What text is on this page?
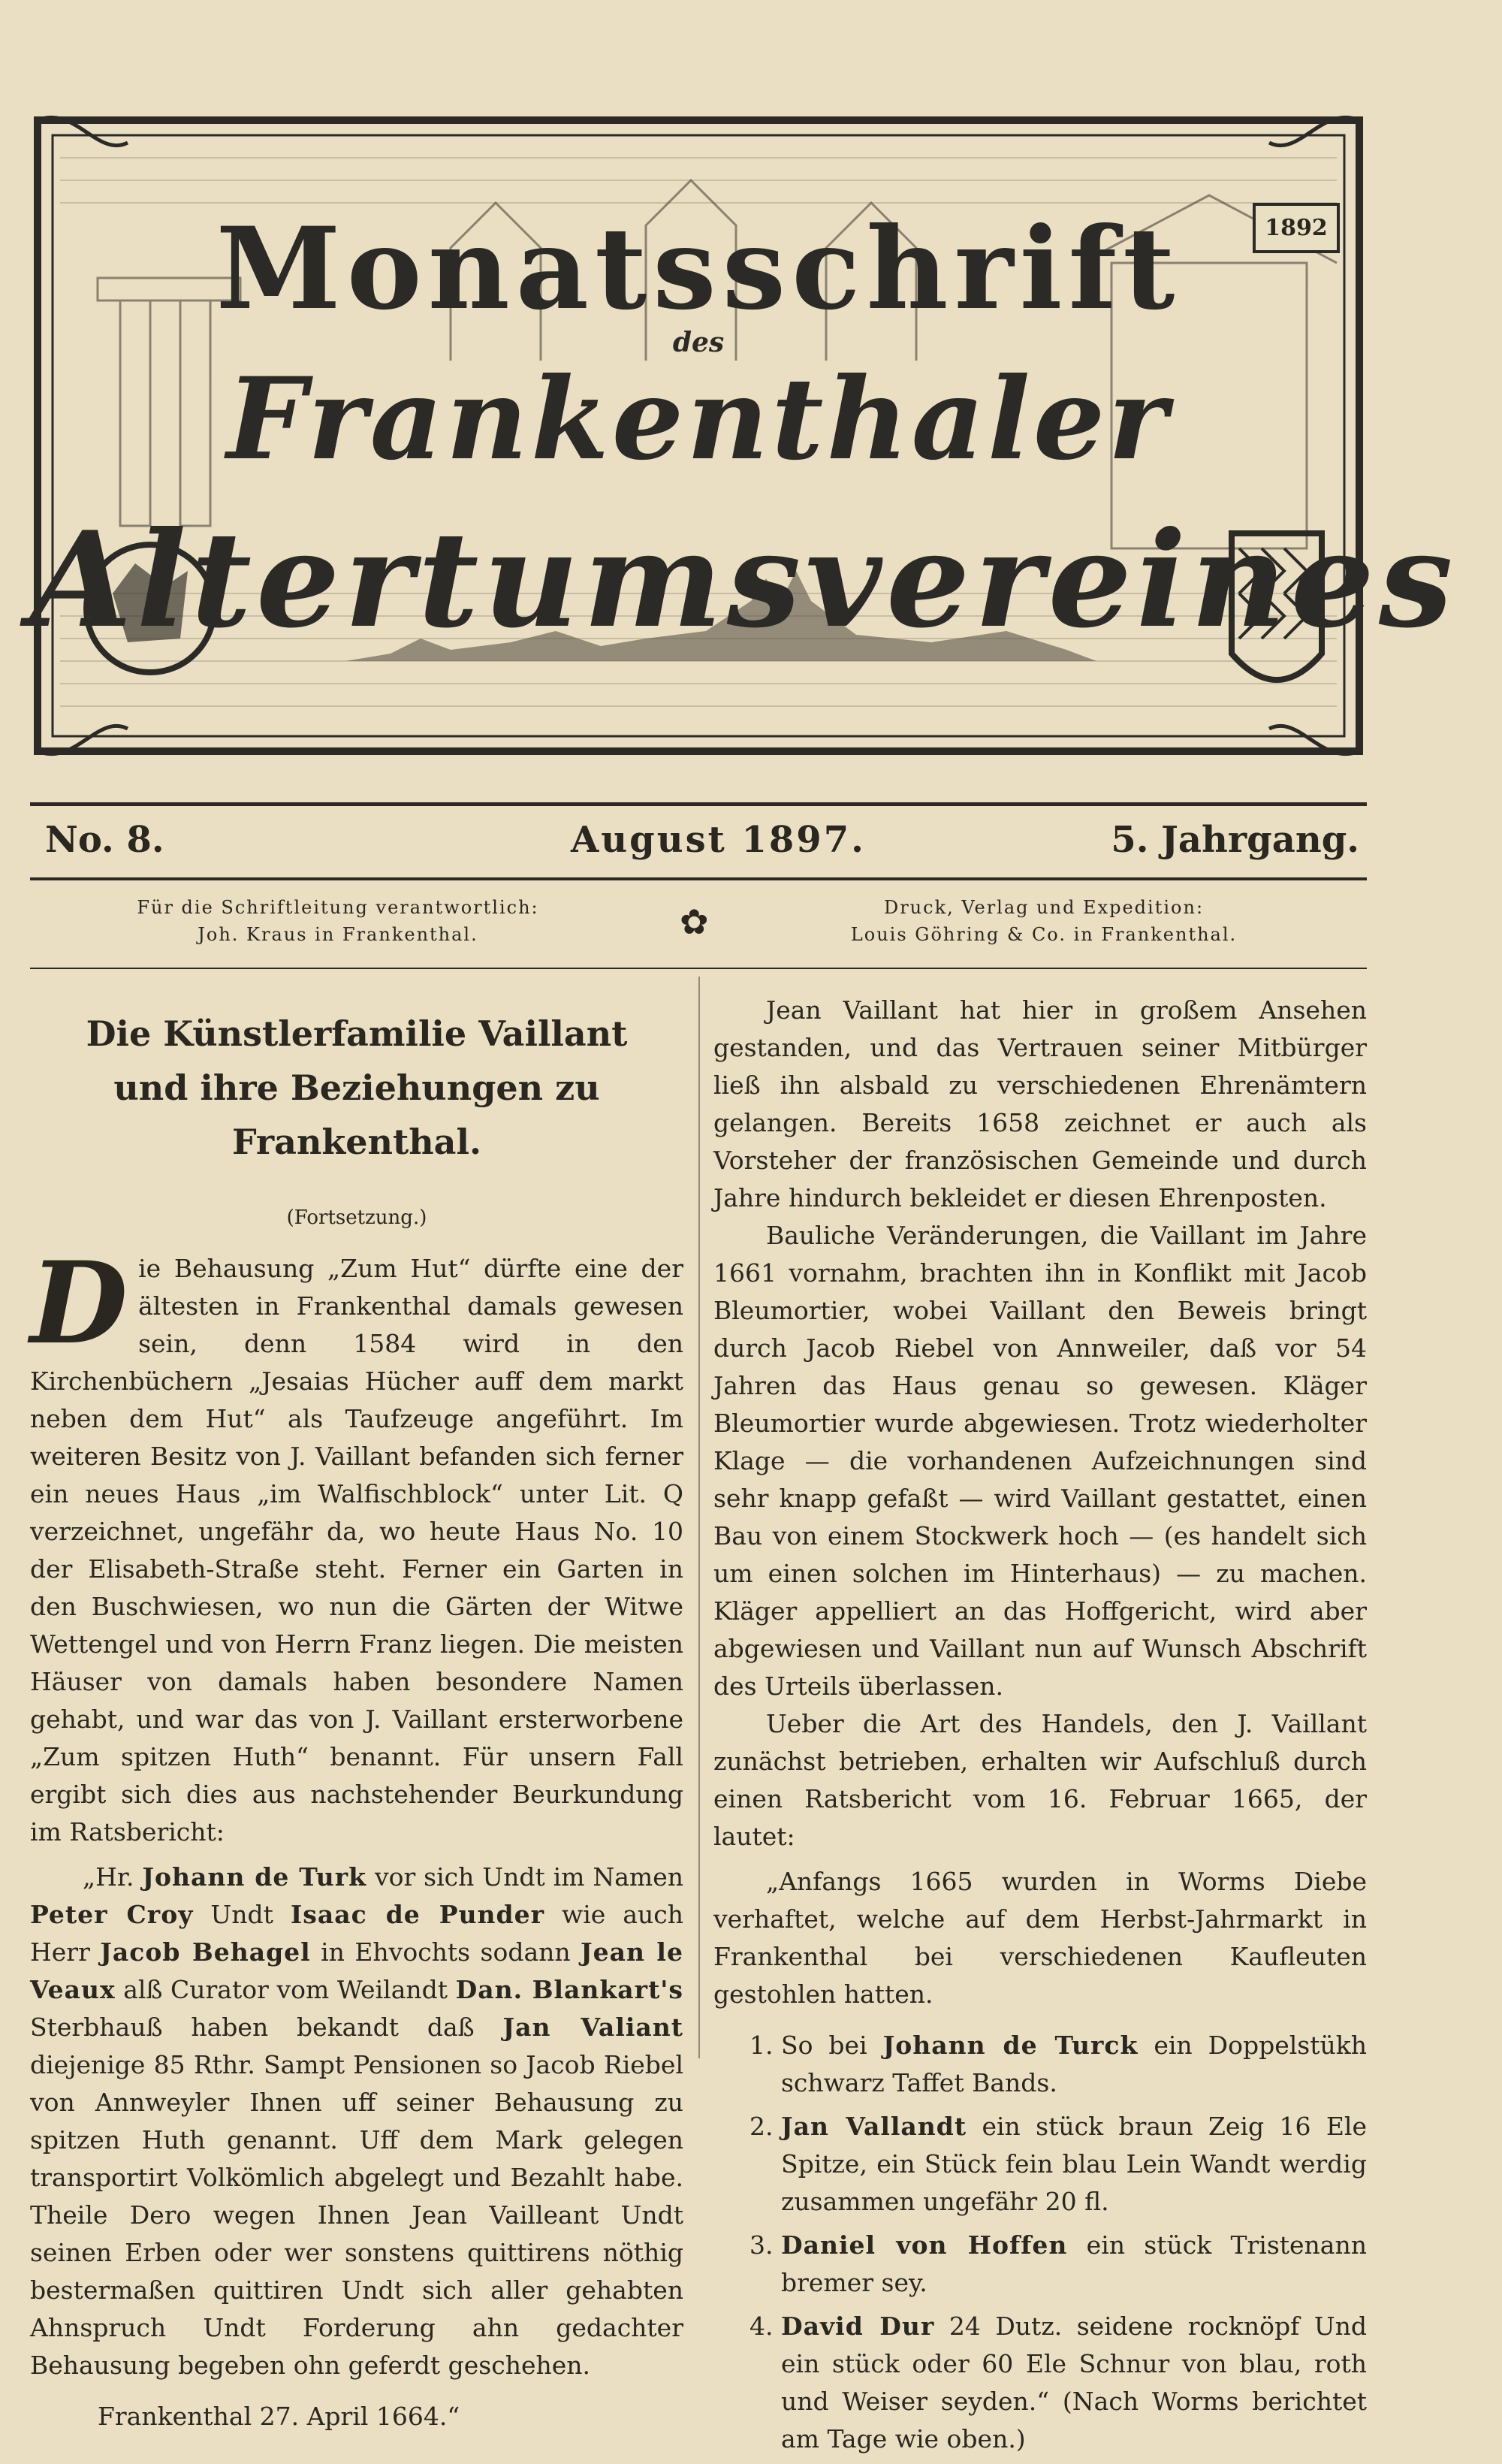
Monatsschrift
des
Frankenthaler
Altertumsvereines
1892
No. 8.	August 1897.	5. Jahrgang.
Für die Schriftleitung verantwortlich:
Joh. Kraus in Frankenthal.	✿	Druck, Verlag und Expedition:
Louis Göhring & Co. in Frankenthal.

Die Künstlerfamilie Vaillant
und ihre Beziehungen zu Frankenthal.

(Fortsetzung.)

Die Behausung „Zum Hut“ dürfte eine der ältesten in Frankenthal damals gewesen sein, denn 1584 wird in den Kirchenbüchern „Jesaias Hücher auff dem markt neben dem Hut“ als Taufzeuge angeführt. Im weiteren Besitz von J. Vaillant befanden sich ferner ein neues Haus „im Walfischblock“ unter Lit. Q verzeichnet, ungefähr da, wo heute Haus No. 10 der Elisabeth-Straße steht. Ferner ein Garten in den Buschwiesen, wo nun die Gärten der Witwe Wettengel und von Herrn Franz liegen. Die meisten Häuser von damals haben besondere Namen gehabt, und war das von J. Vaillant ersterworbene „Zum spitzen Huth“ benannt. Für unsern Fall ergibt sich dies aus nachstehender Beurkundung im Ratsbericht:

„Hr. Johann de Turk vor sich Undt im Namen Peter Croy Undt Isaac de Punder wie auch Herr Jacob Behagel in Ehvochts sodann Jean le Veaux alß Curator vom Weilandt Dan. Blankart's Sterbhauß haben bekandt daß Jan Valiant diejenige 85 Rthr. Sampt Pensionen so Jacob Riebel von Annweyler Ihnen uff seiner Behausung zu spitzen Huth genannt. Uff dem Mark gelegen transportirt Volkömlich abgelegt und Bezahlt habe. Theile Dero wegen Ihnen Jean Vailleant Undt seinen Erben oder wer sonstens quittirens nöthig bestermaßen quittiren Undt sich aller gehabten Ahnspruch Undt Forderung ahn gedachter Behausung begeben ohn geferdt geschehen.

Frankenthal 27. April 1664.“

Jean Vaillant hat hier in großem Ansehen gestanden, und das Vertrauen seiner Mitbürger ließ ihn alsbald zu verschiedenen Ehrenämtern gelangen. Bereits 1658 zeichnet er auch als Vorsteher der französischen Gemeinde und durch Jahre hindurch bekleidet er diesen Ehrenposten.

Bauliche Veränderungen, die Vaillant im Jahre 1661 vornahm, brachten ihn in Konflikt mit Jacob Bleumortier, wobei Vaillant den Beweis bringt durch Jacob Riebel von Annweiler, daß vor 54 Jahren das Haus genau so gewesen. Kläger Bleumortier wurde abgewiesen. Trotz wiederholter Klage — die vorhandenen Aufzeichnungen sind sehr knapp gefaßt — wird Vaillant gestattet, einen Bau von einem Stockwerk hoch — (es handelt sich um einen solchen im Hinterhaus) — zu machen. Kläger appelliert an das Hoffgericht, wird aber abgewiesen und Vaillant nun auf Wunsch Abschrift des Urteils überlassen.

Ueber die Art des Handels, den J. Vaillant zunächst betrieben, erhalten wir Aufschluß durch einen Ratsbericht vom 16. Februar 1665, der lautet:

„Anfangs 1665 wurden in Worms Diebe verhaftet, welche auf dem Herbst-Jahrmarkt in Frankenthal bei verschiedenen Kaufleuten gestohlen hatten.

1. So bei Johann de Turck ein Doppelstükh schwarz Taffet Bands.
2. Jan Vallandt ein stück braun Zeig 16 Ele Spitze, ein Stück fein blau Lein Wandt werdig zusammen ungefähr 20 fl.
3. Daniel von Hoffen ein stück Tristenann bremer sey.
4. David Dur 24 Dutz. seidene rocknöpf Und ein stück oder 60 Ele Schnur von blau, roth und Weiser seyden.“ (Nach Worms berichtet am Tage wie oben.)
